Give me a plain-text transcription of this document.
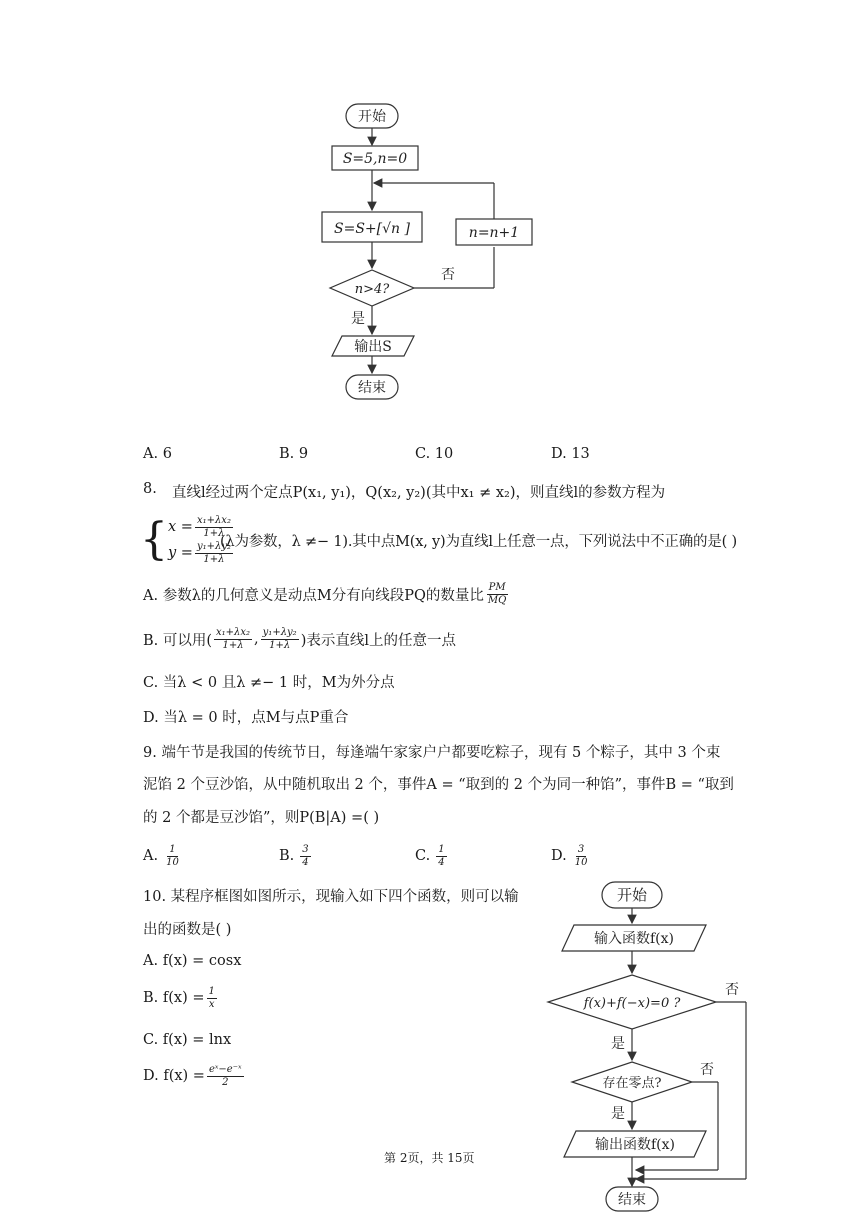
开始
S=5,n=0
S=S+[√n ]	n=n+1
n>4?
否
是
输出S
结束
A. 6	B. 9	C. 10	D. 13
8. 直线l经过两个定点P(x₁, y₁)，Q(x₂, y₂)(其中x₁ ≠ x₂)，则直线l的参数方程为
{ $x = \frac{\text{x₁+λx₂}}{1+\lambda}$
$y = \frac{\text{y₁+λy₂}}{1+\lambda}$
(λ为参数，λ ≠− 1).其中点M(x, y)为直线l上任意一点，下列说法中不正确的是( )
A. 参数λ的几何意义是动点M分有向线段PQ的数量比 $\frac{PM}{MQ}$
B. 可以用( $\frac{\text{x₁+λx₂}}{1+\lambda}$ , $\frac{\text{y₁+λy₂}}{1+\lambda}$ )表示直线l上的任意一点
C. 当λ < 0 且λ ≠− 1 时，M为外分点
D. 当λ = 0 时，点M与点P重合
9. 端午节是我国的传统节日，每逢端午家家户户都要吃粽子，现有 5 个粽子，其中 3 个束
泥馅 2 个豆沙馅，从中随机取出 2 个，事件A = “取到的 2 个为同一种馅”，事件B = “取到
的 2 个都是豆沙馅”，则P(B|A) =( )
A. $\frac{1}{10}$	B. $\frac{3}{4}$	C. $\frac{1}{4}$	D. $\frac{3}{10}$
10. 某程序框图如图所示，现输入如下四个函数，则可以输
出的函数是( )
A. f(x) = cosx
B. $f(x) = \frac{1}{x}$
C. f(x) = lnx
D. $f(x) = \frac{\text{eˣ−e⁻ˣ}}{2}$
开始
输入函数f(x)
f(x)+f(−x)=0 ?
否
是
存在零点?
否
是
输出函数f(x)
结束
第 2页，共 15页
